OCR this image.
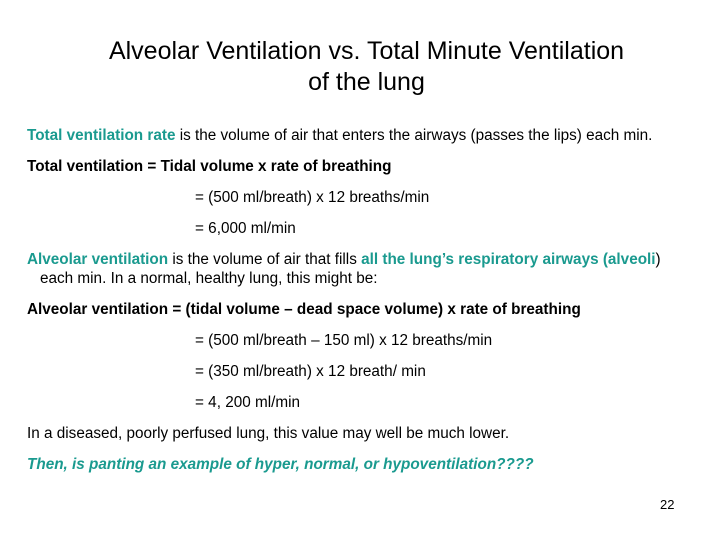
Alveolar Ventilation vs. Total Minute Ventilation
of the lung

Total ventilation rate is the volume of air that enters the airways (passes the lips) each min.

Total ventilation = Tidal volume x rate of breathing

= (500 ml/breath) x 12 breaths/min

= 6,000 ml/min

Alveolar ventilation is the volume of air that fills all the lung’s respiratory airways (alveoli) each min. In a normal, healthy lung, this might be:

Alveolar ventilation = (tidal volume – dead space volume) x rate of breathing

= (500 ml/breath – 150 ml) x 12 breaths/min

= (350 ml/breath) x 12 breath/ min

= 4, 200 ml/min

In a diseased, poorly perfused lung, this value may well be much lower.

Then, is panting an example of hyper, normal, or hypoventilation????

22
